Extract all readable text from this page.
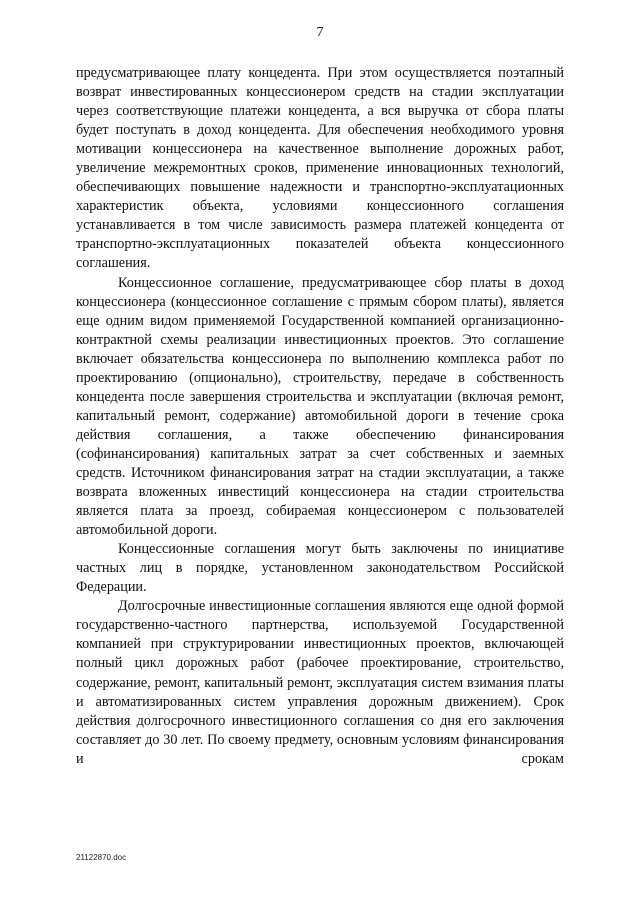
7

предусматривающее плату концедента. При этом осуществляется поэтапный возврат инвестированных концессионером средств на стадии эксплуатации через соответствующие платежи концедента, а вся выручка от сбора платы будет поступать в доход концедента. Для обеспечения необходимого уровня мотивации концессионера на качественное выполнение дорожных работ, увеличение межремонтных сроков, применение инновационных технологий, обеспечивающих повышение надежности и транспортно-эксплуатационных характеристик объекта, условиями концессионного соглашения устанавливается в том числе зависимость размера платежей концедента от транспортно-эксплуатационных показателей объекта концессионного соглашения.

Концессионное соглашение, предусматривающее сбор платы в доход концессионера (концессионное соглашение с прямым сбором платы), является еще одним видом применяемой Государственной компанией организационно-контрактной схемы реализации инвестиционных проектов. Это соглашение включает обязательства концессионера по выполнению комплекса работ по проектированию (опционально), строительству, передаче в собственность концедента после завершения строительства и эксплуатации (включая ремонт, капитальный ремонт, содержание) автомобильной дороги в течение срока действия соглашения, а также обеспечению финансирования (софинансирования) капитальных затрат за счет собственных и заемных средств. Источником финансирования затрат на стадии эксплуатации, а также возврата вложенных инвестиций концессионера на стадии строительства является плата за проезд, собираемая концессионером с пользователей автомобильной дороги.

Концессионные соглашения могут быть заключены по инициативе частных лиц в порядке, установленном законодательством Российской Федерации.

Долгосрочные инвестиционные соглашения являются еще одной формой государственно-частного партнерства, используемой Государственной компанией при структурировании инвестиционных проектов, включающей полный цикл дорожных работ (рабочее проектирование, строительство, содержание, ремонт, капитальный ремонт, эксплуатация систем взимания платы и автоматизированных систем управления дорожным движением). Срок действия долгосрочного инвестиционного соглашения со дня его заключения составляет до 30 лет. По своему предмету, основным условиям финансирования и срокам

21122870.doc
